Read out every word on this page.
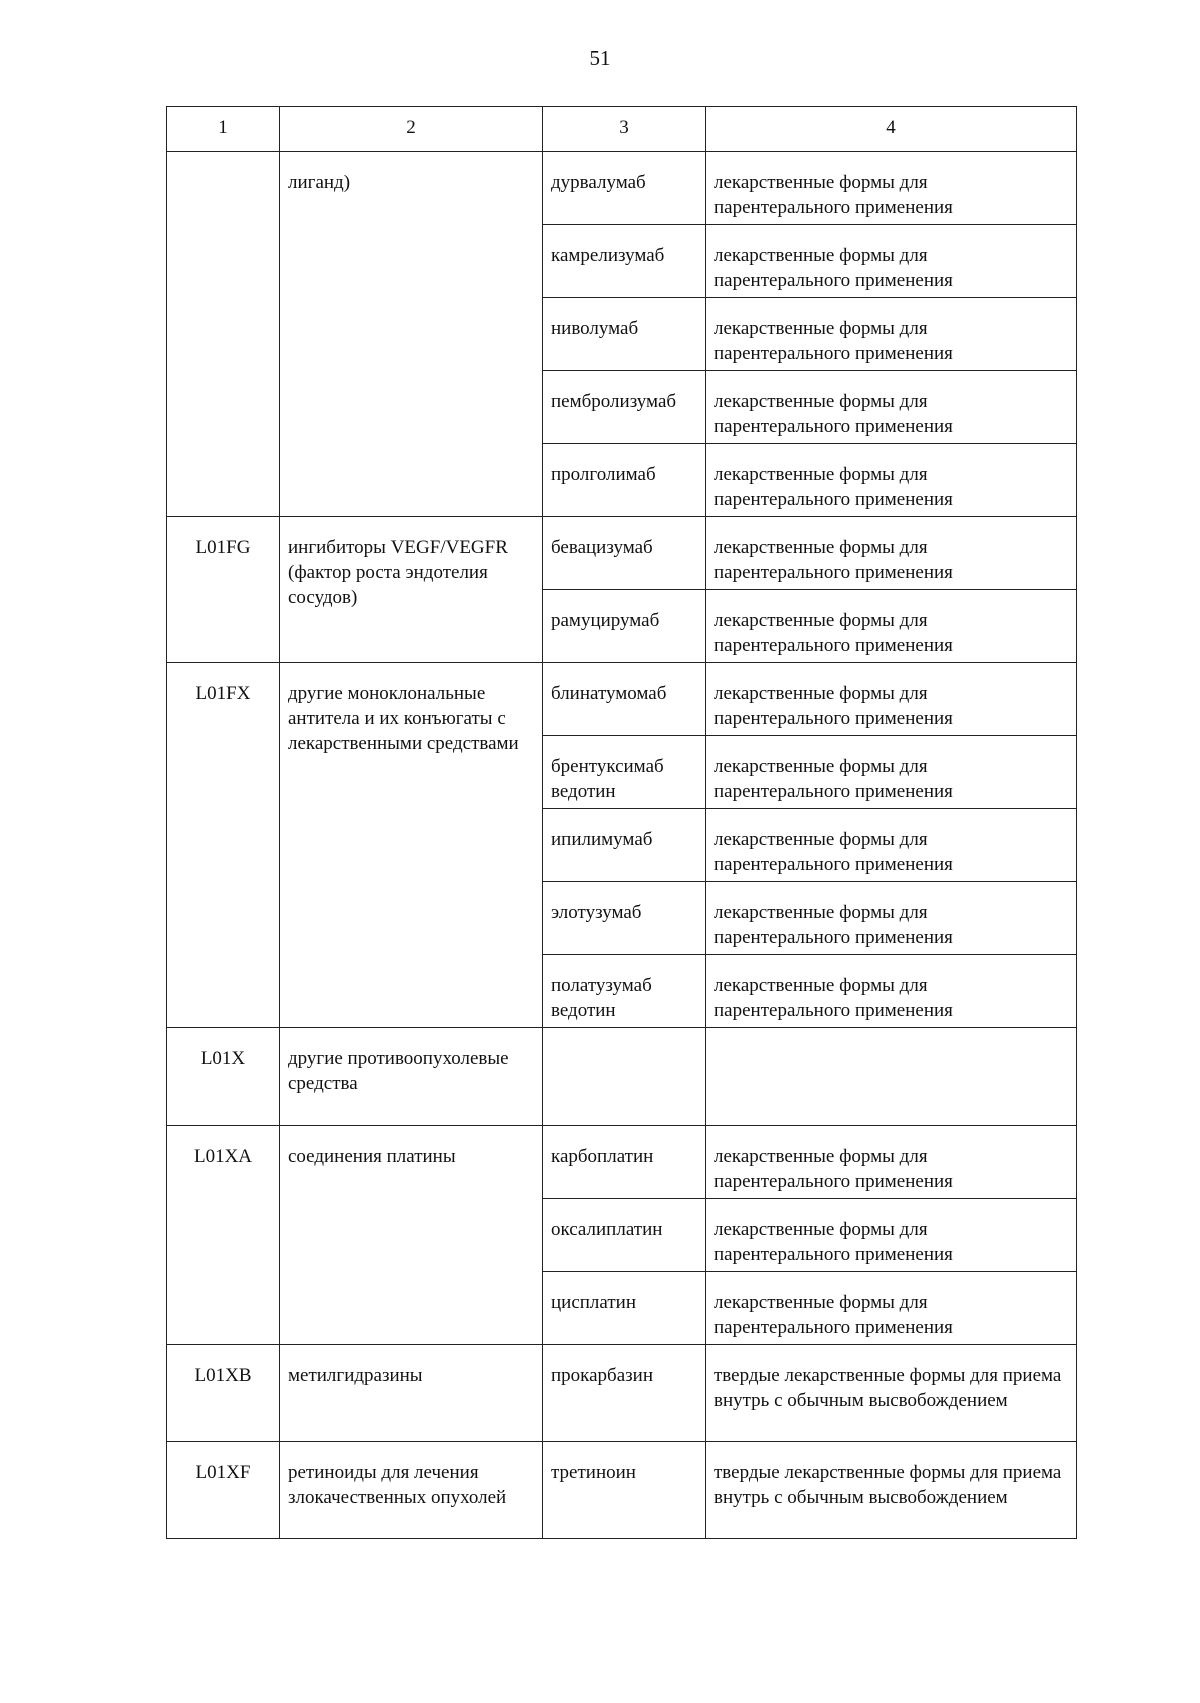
51
1	2	3	4
	лиганд)	дурвалумаб	лекарственные формы для парентерального применения
		камрелизумаб	лекарственные формы для парентерального применения
		ниволумаб	лекарственные формы для парентерального применения
		пембролизумаб	лекарственные формы для парентерального применения
		пролголимаб	лекарственные формы для парентерального применения
L01FG	ингибиторы VEGF/VEGFR (фактор роста эндотелия сосудов)	бевацизумаб	лекарственные формы для парентерального применения
		рамуцирумаб	лекарственные формы для парентерального применения
L01FX	другие моноклональные антитела и их конъюгаты с лекарственными средствами	блинатумомаб	лекарственные формы для парентерального применения
		брентуксимаб ведотин	лекарственные формы для парентерального применения
		ипилимумаб	лекарственные формы для парентерального применения
		элотузумаб	лекарственные формы для парентерального применения
		полатузумаб ведотин	лекарственные формы для парентерального применения
L01X	другие противоопухолевые средства		
L01XA	соединения платины	карбоплатин	лекарственные формы для парентерального применения
		оксалиплатин	лекарственные формы для парентерального применения
		цисплатин	лекарственные формы для парентерального применения
L01XB	метилгидразины	прокарбазин	твердые лекарственные формы для приема внутрь с обычным высвобождением
L01XF	ретиноиды для лечения злокачественных опухолей	третиноин	твердые лекарственные формы для приема внутрь с обычным высвобождением
